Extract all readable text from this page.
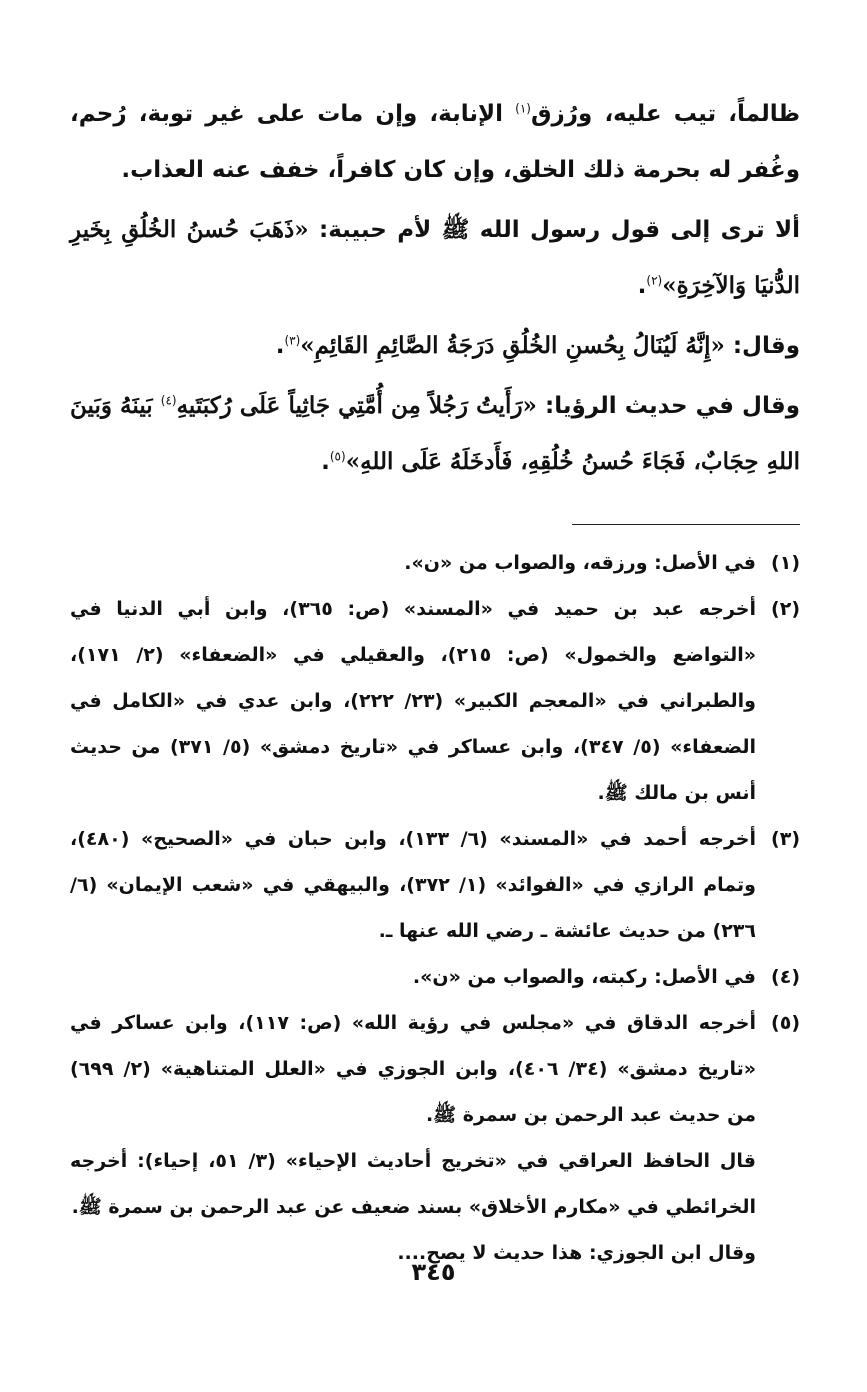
ظالماً، تيب عليه، ورُزق$^{(١)}$ الإنابة، وإن مات على غير توبة، رُحم، وغُفر له بحرمة ذلك الخلق، وإن كان كافراً، خفف عنه العذاب.

ألا ترى إلى قول رسول الله ﷺ لأم حبيبة: «ذَهَبَ حُسنُ الخُلُقِ بِخَيرِ الدُّنيَا وَالآخِرَةِ»$^{(٢)}$.

وقال: «إِنَّهُ لَيُنَالُ بِحُسنِ الخُلُقِ دَرَجَةُ الصَّائِمِ القَائِمِ»$^{(٣)}$.

وقال في حديث الرؤيا: «رَأَيتُ رَجُلاً مِن أُمَّتِي جَاثِياً عَلَى رُكبَتَيهِ$^{(٤)}$ بَينَهُ وَبَينَ اللهِ حِجَابٌ، فَجَاءَ حُسنُ خُلُقِهِ، فَأَدخَلَهُ عَلَى اللهِ»$^{(٥)}$.

(١)
في الأصل: ورزقه، والصواب من «ن».
(٢)
أخرجه عبد بن حميد في «المسند» (ص: ٣٦٥)، وابن أبي الدنيا في «التواضع والخمول» (ص: ٢١٥)، والعقيلي في «الضعفاء» (٢/ ١٧١)، والطبراني في «المعجم الكبير» (٢٣/ ٢٢٢)، وابن عدي في «الكامل في الضعفاء» (٥/ ٣٤٧)، وابن عساكر في «تاريخ دمشق» (٥/ ٣٧١) من حديث أنس بن مالك ﷺ.
(٣)
أخرجه أحمد في «المسند» (٦/ ١٣٣)، وابن حبان في «الصحيح» (٤٨٠)، وتمام الرازي في «الفوائد» (١/ ٣٧٢)، والبيهقي في «شعب الإيمان» (٦/ ٢٣٦) من حديث عائشة ـ رضي الله عنها ـ.
(٤)
في الأصل: ركبته، والصواب من «ن».
(٥)
أخرجه الدقاق في «مجلس في رؤية الله» (ص: ١١٧)، وابن عساكر في «تاريخ دمشق» (٣٤/ ٤٠٦)، وابن الجوزي في «العلل المتناهية» (٢/ ٦٩٩) من حديث عبد الرحمن بن سمرة ﷺ.
قال الحافظ العراقي في «تخريج أحاديث الإحياء» (٣/ ٥١، إحياء): أخرجه الخرائطي في «مكارم الأخلاق» بسند ضعيف عن عبد الرحمن بن سمرة ﷺ.
وقال ابن الجوزي: هذا حديث لا يصح....
٣٤٥
